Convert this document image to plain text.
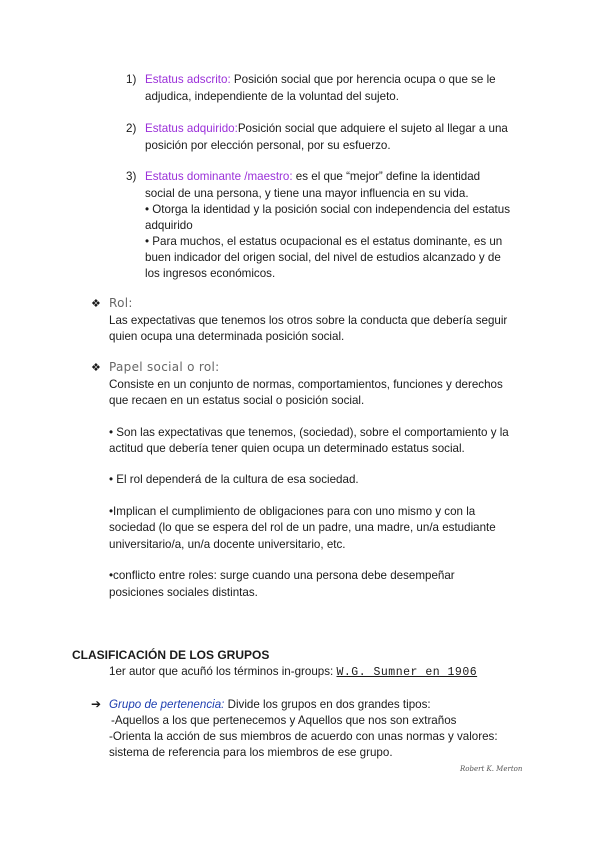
1) Estatus adscrito: Posición social que por herencia ocupa o que se le
adjudica, independiente de la voluntad del sujeto.
2) Estatus adquirido:Posición social que adquiere el sujeto al llegar a una
posición por elección personal, por su esfuerzo.
3) Estatus dominante /maestro: es el que “mejor” define la identidad
social de una persona, y tiene una mayor influencia en su vida.
• Otorga la identidad y la posición social con independencia del estatus
adquirido
• Para muchos, el estatus ocupacional es el estatus dominante, es un
buen indicador del origen social, del nivel de estudios alcanzado y de
los ingresos económicos.
❖ Rol:
Las expectativas que tenemos los otros sobre la conducta que debería seguir
quien ocupa una determinada posición social.
❖ Papel social o rol:
Consiste en un conjunto de normas, comportamientos, funciones y derechos
que recaen en un estatus social o posición social.
• Son las expectativas que tenemos, (sociedad), sobre el comportamiento y la
actitud que debería tener quien ocupa un determinado estatus social.
• El rol dependerá de la cultura de esa sociedad.
•Implican el cumplimiento de obligaciones para con uno mismo y con la
sociedad (lo que se espera del rol de un padre, una madre, un/a estudiante
universitario/a, un/a docente universitario, etc.
•conflicto entre roles: surge cuando una persona debe desempeñar
posiciones sociales distintas.
CLASIFICACIÓN DE LOS GRUPOS
1er autor que acuñó los términos in-groups: W.G. Sumner en 1906
➔ Grupo de pertenencia: Divide los grupos en dos grandes tipos:
-Aquellos a los que pertenecemos y Aquellos que nos son extraños
-Orienta la acción de sus miembros de acuerdo con unas normas y valores:
sistema de referencia para los miembros de ese grupo.
Robert K. Merton
